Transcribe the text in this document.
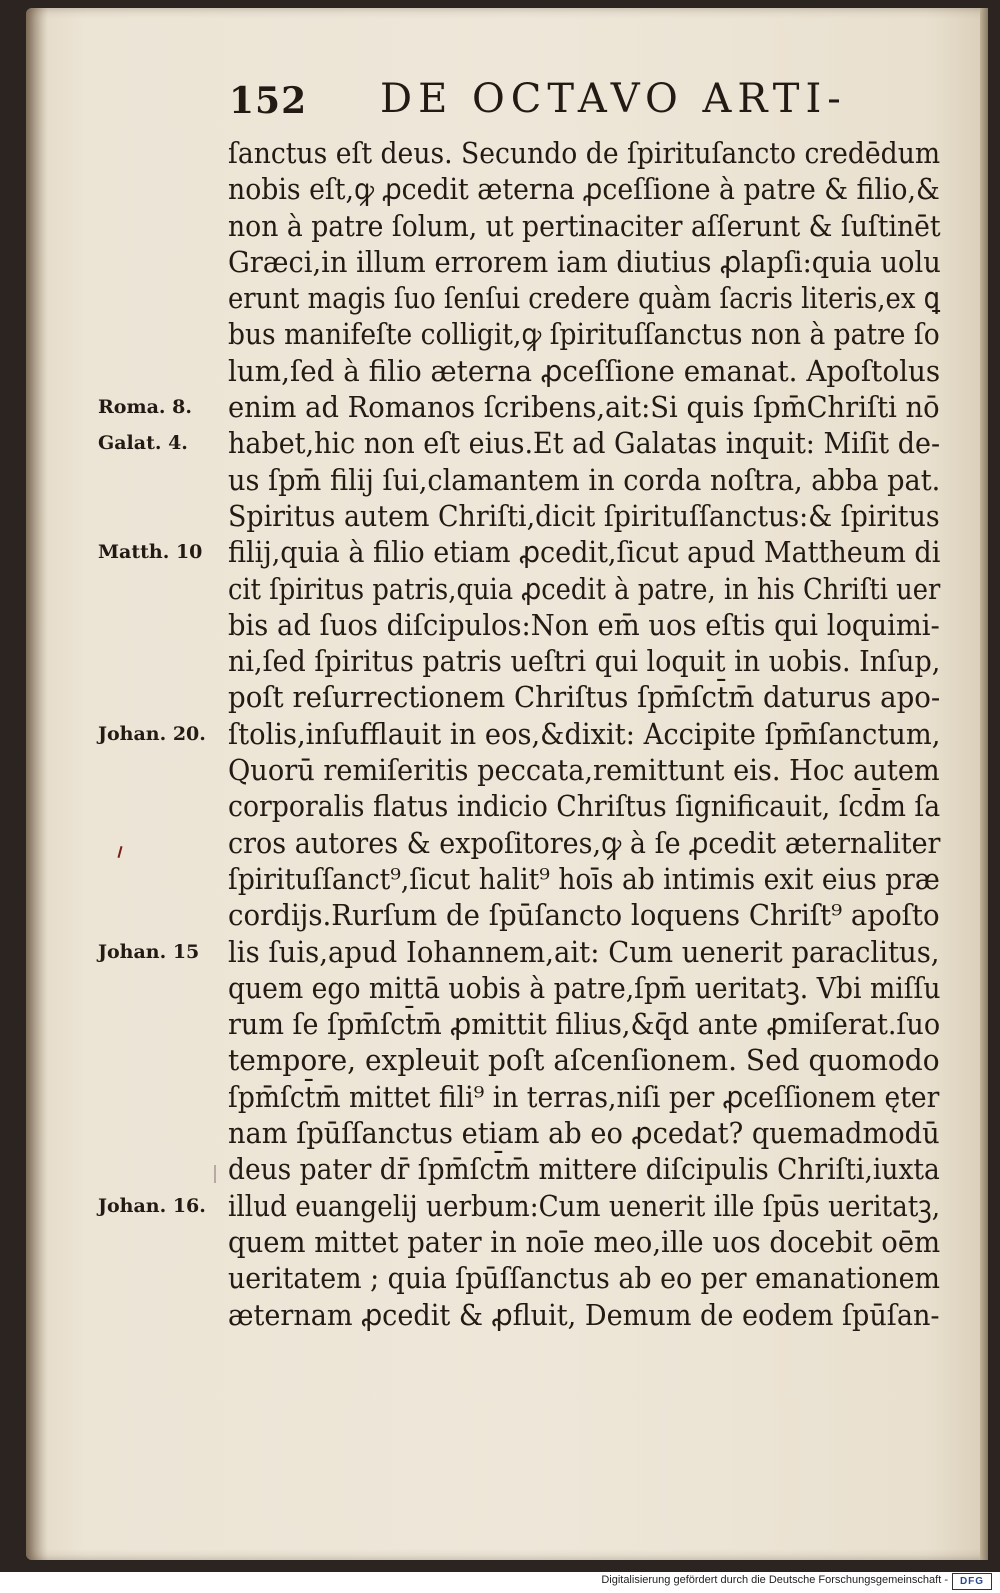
152 DE OCTAVO ARTI-
ſanctus eſt deus. Secundo de ſpirituſancto credēdum
nobis eſt,ꝙ ꝓcedit æterna ꝓceſſione à patre & filio,&
non à patre ſolum, ut pertinaciter aſſerunt & ſuſtinēt
Græci,in illum errorem iam diutius ꝓlapſi:quia uolu
erunt magis ſuo ſenſui credere quàm ſacris literis,ex ꝗ
bus manifeſte colligit,ꝙ ſpirituſſanctus non à patre ſo
lum,ſed à filio æterna ꝓceſſione emanat. Apoſtolus
enim ad Romanos ſcribens,ait:Si quis ſpm̄Chriſti nō
habet,hic non eſt eius.Et ad Galatas inquit: Miſit de-
us ſpm̄ filij ſui,clamantem in corda noſtra, abba pat.
Spiritus autem Chriſti,dicit ſpirituſſanctus:& ſpiritus
filij,quia à filio etiam ꝓcedit,ſicut apud Mattheum di
cit ſpiritus patris,quia ꝓcedit à patre, in his Chriſti uer
bis ad ſuos diſcipulos:Non em̄ uos eſtis qui loquimi-
ni,ſed ſpiritus patris ueſtri qui loquit in uobis. Inſup,
poſt reſurrectionem Chriſtus ſpm̄ſct̄m̄ daturus apo-
ſtolis,inſufflauit in eos,&dixit: Accipite ſpm̄ſanctum,
Quorū remiſeritis peccata,remittunt eis. Hoc autem
corporalis flatus indicio Chriſtus ſignificauit, ſcd̄m ſa
cros autores & expoſitores,ꝙ à ſe ꝓcedit æternaliter
ſpirituſſanct⁹,ſicut halit⁹ hoīs ab intimis exit eius præ
cordijs.Rurſum de ſpūſancto loquens Chriſt⁹ apoſto
lis ſuis,apud Iohannem,ait: Cum uenerit paraclitus,
quem ego mittā uobis à patre,ſpm̄ ueritatꝫ. Vbi miſſu
rum ſe ſpm̄ſct̄m̄ ꝓmittit filius,&q̄d ante ꝓmiſerat.ſuo
tempore, expleuit poſt aſcenſionem. Sed quomodo
ſpm̄ſct̄m̄ mittet fili⁹ in terras,niſi per ꝓceſſionem ęter
nam ſpūſſanctus etiam ab eo ꝓcedat? quemadmodū
deus pater dr̄ ſpm̄ſct̄m̄ mittere diſcipulis Chriſti,iuxta
illud euangelij uerbum:Cum uenerit ille ſpūs ueritatꝫ,
quem mittet pater in noīe meo,ille uos docebit oēm
ueritatem ; quia ſpūſſanctus ab eo per emanationem
æternam ꝓcedit & ꝓfluit, Demum de eodem ſpūſan-
Roma. 8.
Galat. 4.
Matth. 10
Johan. 20.
Johan. 15
Johan. 16.
Digitalisierung gefördert durch die Deutsche Forschungsgemeinschaft -	DFG
